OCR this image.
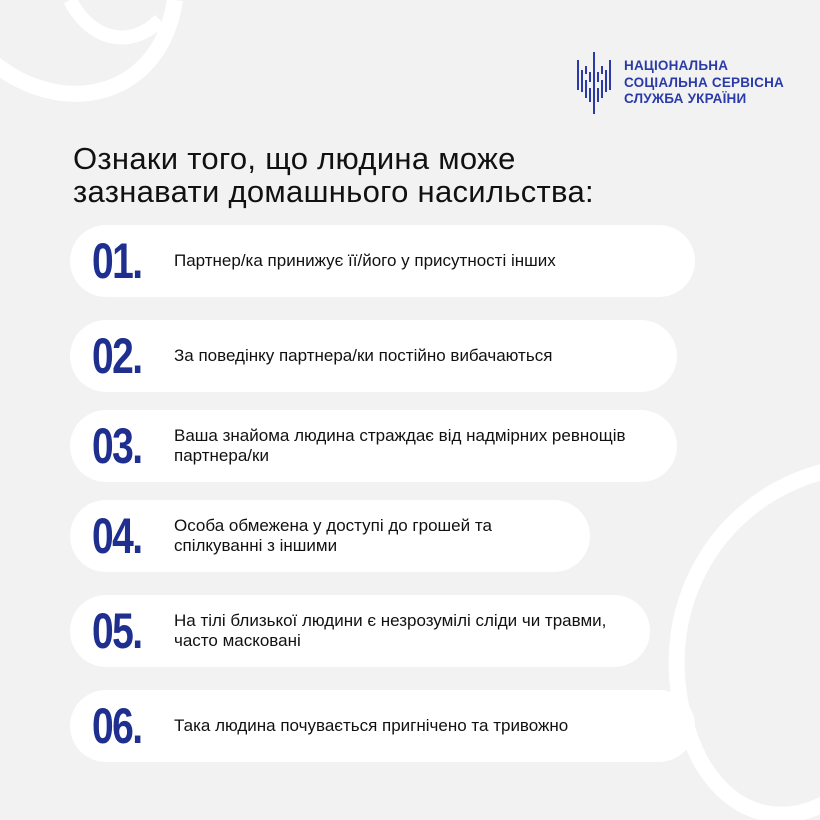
НАЦІОНАЛЬНА
СОЦІАЛЬНА СЕРВІСНА
СЛУЖБА УКРАЇНИ
Ознаки того, що людина може
зазнавати домашнього насильства:
01. Партнер/ка принижує її/його у присутності інших
02. За поведінку партнера/ки постійно вибачаються
03. Ваша знайома людина страждає від надмірних ревнощів партнера/ки
04. Особа обмежена у доступі до грошей та спілкуванні з іншими
05. На тілі близької людини є незрозумілі сліди чи травми, часто масковані
06. Така людина почувається пригнічено та тривожно
